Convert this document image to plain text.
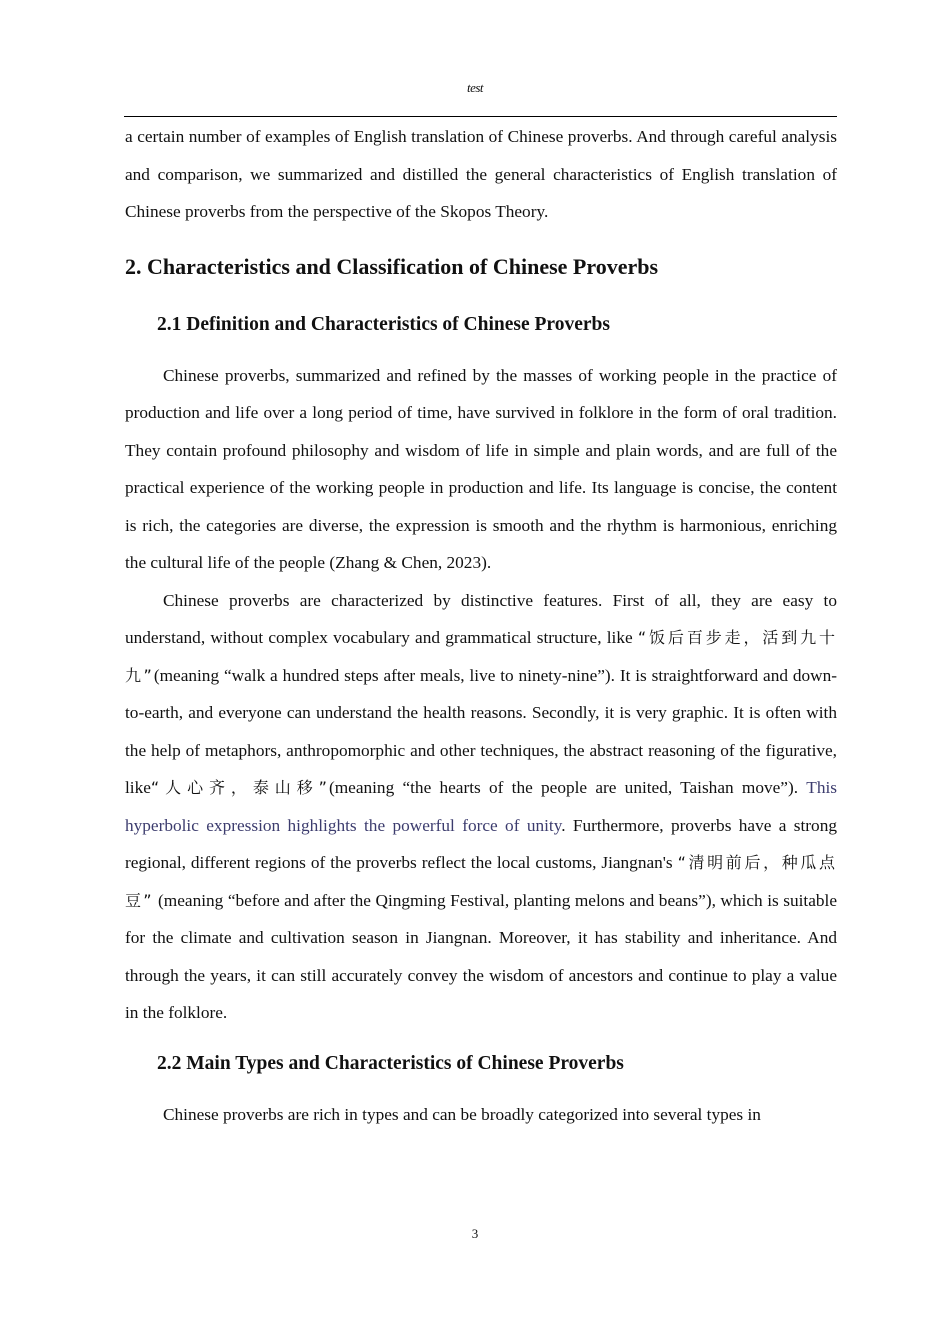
test

a certain number of examples of English translation of Chinese proverbs. And through careful analysis and comparison, we summarized and distilled the general characteristics of English translation of Chinese proverbs from the perspective of the Skopos Theory.

2. Characteristics and Classification of Chinese Proverbs
2.1 Definition and Characteristics of Chinese Proverbs

Chinese proverbs, summarized and refined by the masses of working people in the practice of production and life over a long period of time, have survived in folklore in the form of oral tradition. They contain profound philosophy and wisdom of life in simple and plain words, and are full of the practical experience of the working people in production and life. Its language is concise, the content is rich, the categories are diverse, the expression is smooth and the rhythm is harmonious, enriching the cultural life of the people (Zhang & Chen, 2023).

Chinese proverbs are characterized by distinctive features. First of all, they are easy to understand, without complex vocabulary and grammatical structure, like “饭后百步走，活到九十九”(meaning “walk a hundred steps after meals, live to ninety-nine”). It is straightforward and down-to-earth, and everyone can understand the health reasons. Secondly, it is very graphic. It is often with the help of metaphors, anthropomorphic and other techniques, the abstract reasoning of the figurative, like“人心齐，泰山移”(meaning “the hearts of the people are united, Taishan move”). This hyperbolic expression highlights the powerful force of unity. Furthermore, proverbs have a strong regional, different regions of the proverbs reflect the local customs, Jiangnan's “清明前后，种瓜点豆” (meaning “before and after the Qingming Festival, planting melons and beans”), which is suitable for the climate and cultivation season in Jiangnan. Moreover, it has stability and inheritance. And through the years, it can still accurately convey the wisdom of ancestors and continue to play a value in the folklore.

2.2 Main Types and Characteristics of Chinese Proverbs

Chinese proverbs are rich in types and can be broadly categorized into several types in

3
